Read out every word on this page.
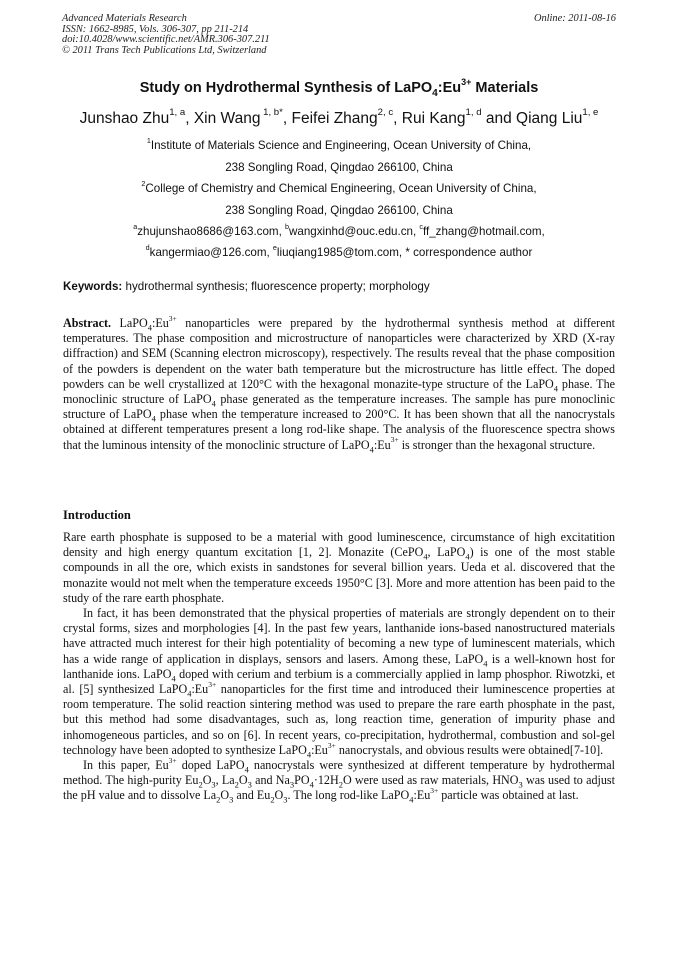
Advanced Materials Research
ISSN: 1662-8985, Vols. 306-307, pp 211-214
doi:10.4028/www.scientific.net/AMR.306-307.211
© 2011 Trans Tech Publications Ltd, Switzerland
Online: 2011-08-16
Study on Hydrothermal Synthesis of $LaPO_4:Eu^{3+}$ Materials
Junshao Zhu$^{1, a}$, Xin Wang $^{1, b*}$, Feifei Zhang$^{2, c}$, Rui Kang$^{1, d}$ and Qiang Liu$^{1, e}$
$^1$Institute of Materials Science and Engineering, Ocean University of China,
238 Songling Road, Qingdao 266100, China
$^2$College of Chemistry and Chemical Engineering, Ocean University of China,
238 Songling Road, Qingdao 266100, China
$^a$zhujunshao8686@163.com, $^b$wangxinhd@ouc.edu.cn, $^c$ff_zhang@hotmail.com,
$^d$kangermiao@126.com, $^e$liuqiang1985@tom.com, * correspondence author
Keywords: hydrothermal synthesis; fluorescence property; morphology

Abstract. $LaPO_4:Eu^{3+}$ nanoparticles were prepared by the hydrothermal synthesis method at different temperatures. The phase composition and microstructure of nanoparticles were characterized by XRD (X-ray diffraction) and SEM (Scanning electron microscopy), respectively. The results reveal that the phase composition of the powders is dependent on the water bath temperature but the microstructure has little effect. The doped powders can be well crystallized at 120°C with the hexagonal monazite-type structure of the LaPO$_4$ phase. The monoclinic structure of LaPO$_4$ phase generated as the temperature increases. The sample has pure monoclinic structure of LaPO$_4$ phase when the temperature increased to 200°C. It has been shown that all the nanocrystals obtained at different temperatures present a long rod-like shape. The analysis of the fluorescence spectra shows that the luminous intensity of the monoclinic structure of $LaPO_4:Eu^{3+}$ is stronger than the hexagonal structure.

Introduction

Rare earth phosphate is supposed to be a material with good luminescence, circumstance of high excitatition density and high energy quantum excitation [1, 2]. Monazite (CePO$_4$, LaPO$_4$) is one of the most stable compounds in all the ore, which exists in sandstones for several billion years. Ueda et al. discovered that the monazite would not melt when the temperature exceeds 1950°C [3]. More and more attention has been paid to the study of the rare earth phosphate.

In fact, it has been demonstrated that the physical properties of materials are strongly dependent on to their crystal forms, sizes and morphologies [4]. In the past few years, lanthanide ions-based nanostructured materials have attracted much interest for their high potentiality of becoming a new type of luminescent materials, which has a wide range of application in displays, sensors and lasers. Among these, LaPO$_4$ is a well-known host for lanthanide ions. LaPO$_4$ doped with cerium and terbium is a commercially applied in lamp phosphor. Riwotzki, et al. [5] synthesized $LaPO_4:Eu^{3+}$ nanoparticles for the first time and introduced their luminescence properties at room temperature. The solid reaction sintering method was used to prepare the rare earth phosphate in the past, but this method had some disadvantages, such as, long reaction time, generation of impurity phase and inhomogeneous particles, and so on [6]. In recent years, co-precipitation, hydrothermal, combustion and sol-gel technology have been adopted to synthesize $LaPO_4:Eu^{3+}$ nanocrystals, and obvious results were obtained[7-10].

In this paper, $Eu^{3+}$ doped LaPO$_4$ nanocrystals were synthesized at different temperature by hydrothermal method. The high-purity $Eu_2O_3$, $La_2O_3$ and $Na_3PO_4\cdot 12H_2O$ were used as raw materials, $HNO_3$ was used to adjust the pH value and to dissolve $La_2O_3$ and $Eu_2O_3$. The long rod-like $LaPO_4:Eu^{3+}$ particle was obtained at last.
